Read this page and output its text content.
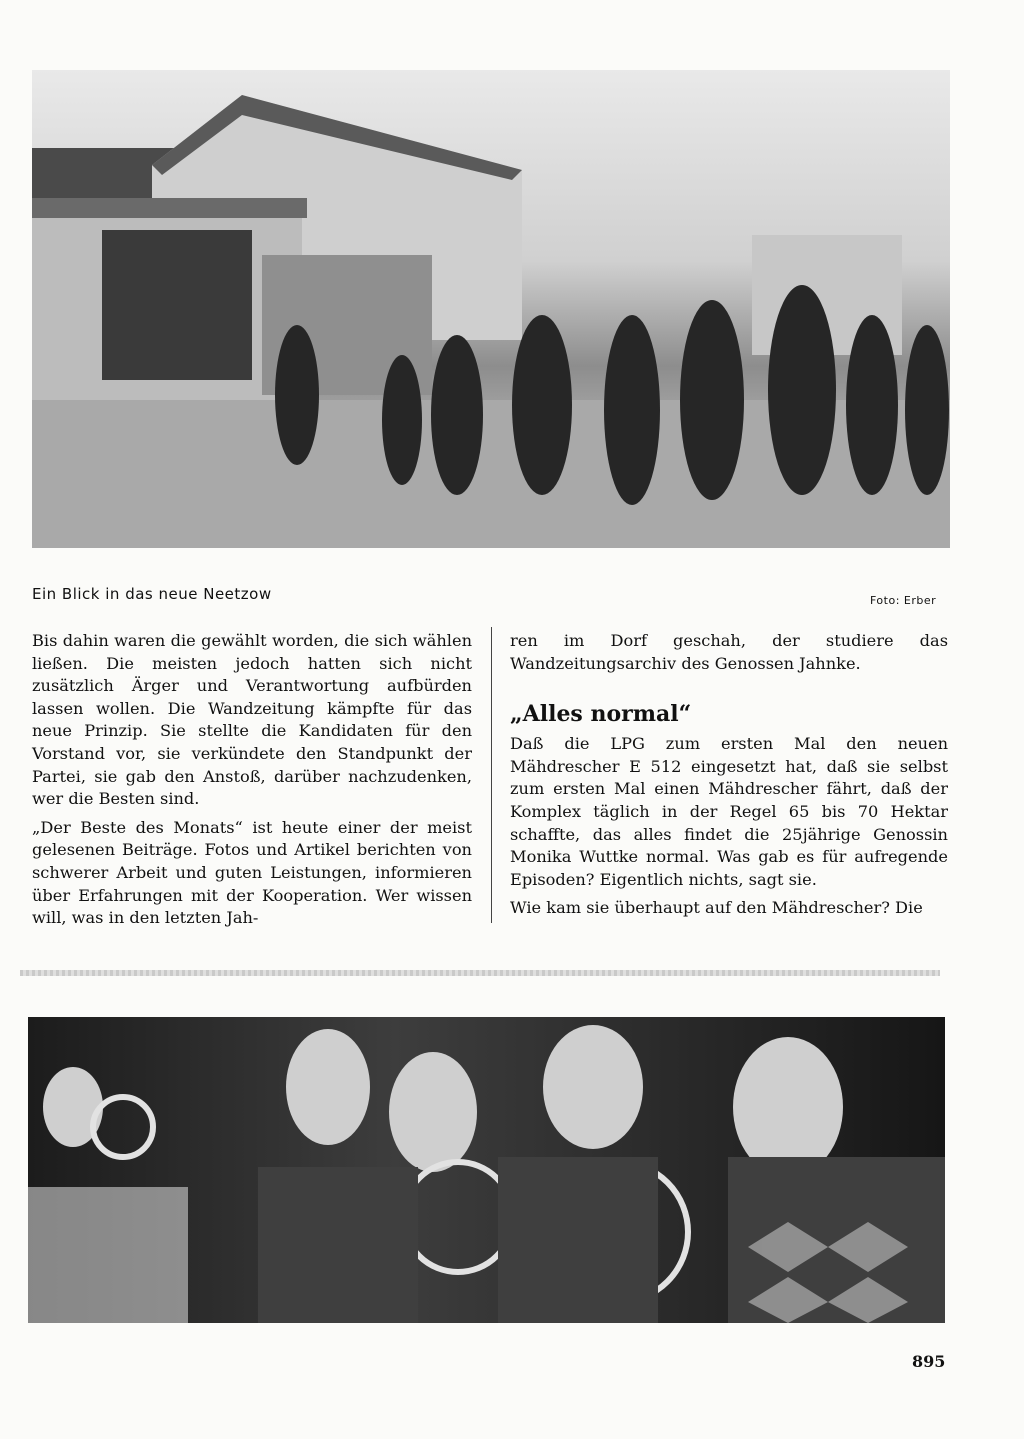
Ein Blick in das neue Neetzow	Foto: Erber

Bis dahin waren die gewählt worden, die sich wählen ließen. Die meisten jedoch hatten sich nicht zusätzlich Ärger und Verantwortung aufbürden lassen wollen. Die Wandzeitung kämpfte für das neue Prinzip. Sie stellte die Kandidaten für den Vorstand vor, sie verkündete den Standpunkt der Partei, sie gab den Anstoß, darüber nachzudenken, wer die Besten sind.

„Der Beste des Monats“ ist heute einer der meist gelesenen Beiträge. Fotos und Artikel berichten von schwerer Arbeit und guten Leistungen, informieren über Erfahrungen mit der Kooperation. Wer wissen will, was in den letzten Jah-

ren im Dorf geschah, der studiere das Wandzeitungsarchiv des Genossen Jahnke.

„Alles normal“

Daß die LPG zum ersten Mal den neuen Mähdrescher E 512 eingesetzt hat, daß sie selbst zum ersten Mal einen Mähdrescher fährt, daß der Komplex täglich in der Regel 65 bis 70 Hektar schaffte, das alles findet die 25jährige Genossin Monika Wuttke normal. Was gab es für aufregende Episoden? Eigentlich nichts, sagt sie.

Wie kam sie überhaupt auf den Mähdrescher? Die

895
